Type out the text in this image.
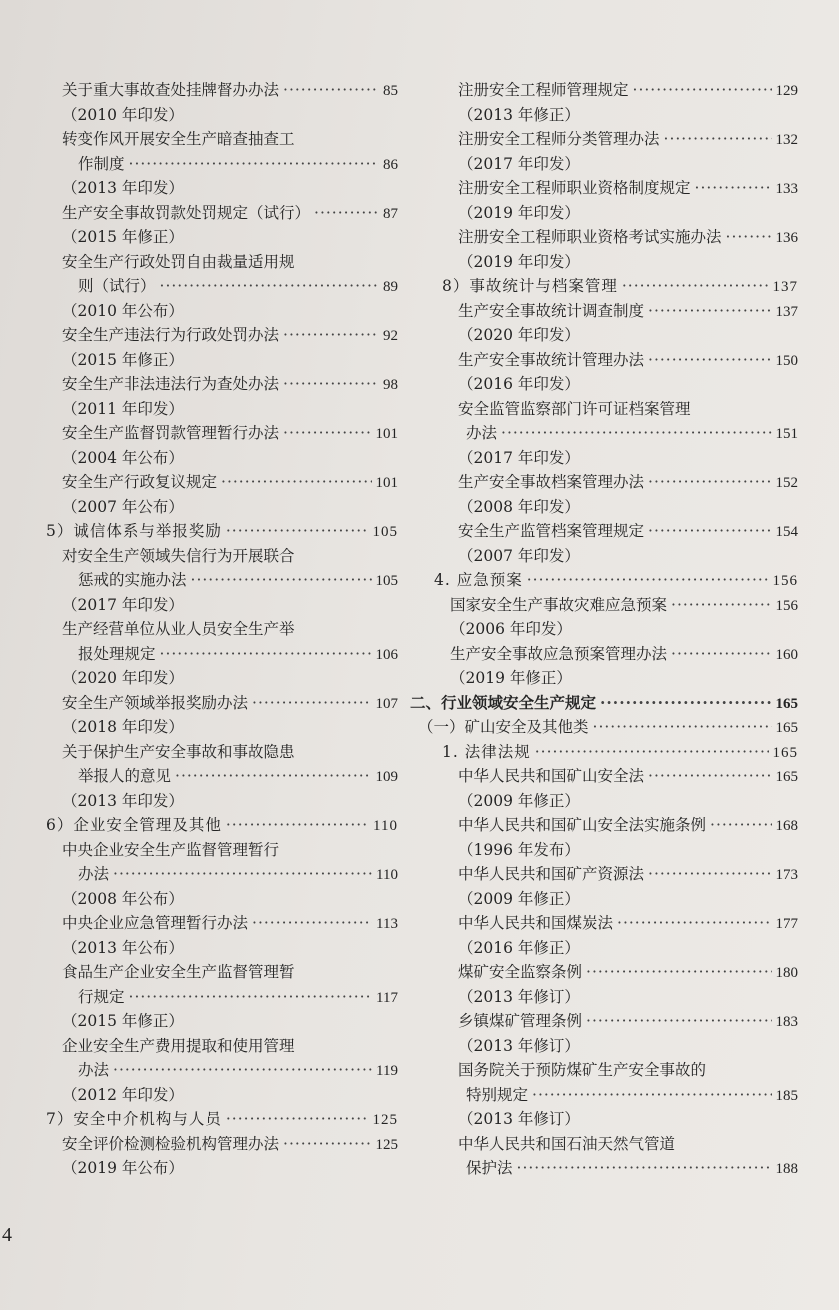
关于重大事故查处挂牌督办办法 ·····	85
（2010 年印发）
转变作风开展安全生产暗查抽查工
作制度 ·····	86
（2013 年印发）
生产安全事故罚款处罚规定（试行） ·····	87
（2015 年修正）
安全生产行政处罚自由裁量适用规
则（试行） ·····	89
（2010 年公布）
安全生产违法行为行政处罚办法 ·····	92
（2015 年修正）
安全生产非法违法行为查处办法 ·····	98
（2011 年印发）
安全生产监督罚款管理暂行办法 ·····	101
（2004 年公布）
安全生产行政复议规定 ·····	101
（2007 年公布）
5）诚信体系与举报奖励 ·····	105
对安全生产领域失信行为开展联合
惩戒的实施办法 ·····	105
（2017 年印发）
生产经营单位从业人员安全生产举
报处理规定 ·····	106
（2020 年印发）
安全生产领域举报奖励办法 ·····	107
（2018 年印发）
关于保护生产安全事故和事故隐患
举报人的意见 ·····	109
（2013 年印发）
6）企业安全管理及其他 ·····	110
中央企业安全生产监督管理暂行
办法 ·····	110
（2008 年公布）
中央企业应急管理暂行办法 ·····	113
（2013 年公布）
食品生产企业安全生产监督管理暂
行规定 ·····	117
（2015 年修正）
企业安全生产费用提取和使用管理
办法 ·····	119
（2012 年印发）
7）安全中介机构与人员 ·····	125
安全评价检测检验机构管理办法 ·····	125
（2019 年公布）
注册安全工程师管理规定 ·····	129
（2013 年修正）
注册安全工程师分类管理办法 ·····	132
（2017 年印发）
注册安全工程师职业资格制度规定 ·····	133
（2019 年印发）
注册安全工程师职业资格考试实施办法 ·····	136
（2019 年印发）
8）事故统计与档案管理 ·····	137
生产安全事故统计调查制度 ·····	137
（2020 年印发）
生产安全事故统计管理办法 ·····	150
（2016 年印发）
安全监管监察部门许可证档案管理
办法 ·····	151
（2017 年印发）
生产安全事故档案管理办法 ·····	152
（2008 年印发）
安全生产监管档案管理规定 ·····	154
（2007 年印发）
4. 应急预案 ·····	156
国家安全生产事故灾难应急预案 ·····	156
（2006 年印发）
生产安全事故应急预案管理办法 ·····	160
（2019 年修正）
二、行业领域安全生产规定 ·····	165
（一）矿山安全及其他类 ·····	165
1. 法律法规 ·····	165
中华人民共和国矿山安全法 ·····	165
（2009 年修正）
中华人民共和国矿山安全法实施条例 ·····	168
（1996 年发布）
中华人民共和国矿产资源法 ·····	173
（2009 年修正）
中华人民共和国煤炭法 ·····	177
（2016 年修正）
煤矿安全监察条例 ·····	180
（2013 年修订）
乡镇煤矿管理条例 ·····	183
（2013 年修订）
国务院关于预防煤矿生产安全事故的
特别规定 ·····	185
（2013 年修订）
中华人民共和国石油天然气管道
保护法 ·····	188
4
